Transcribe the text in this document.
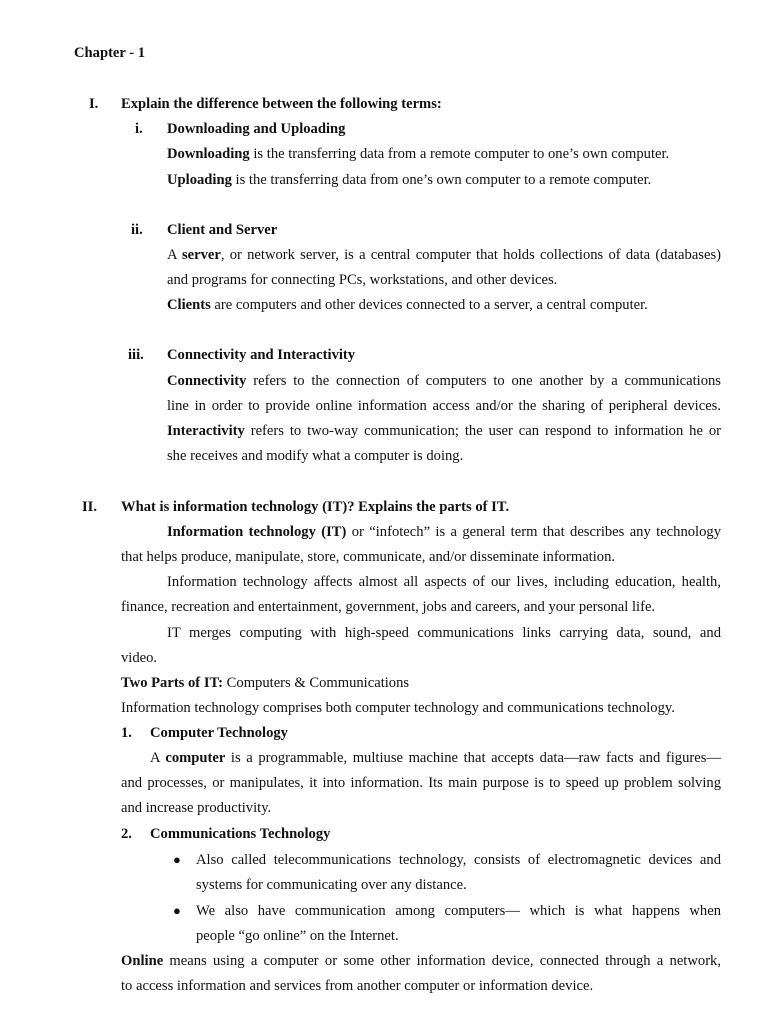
Chapter - 1
I. Explain the difference between the following terms:
i. Downloading and Uploading
Downloading is the transferring data from a remote computer to one’s own computer.
Uploading is the transferring data from one’s own computer to a remote computer.
ii. Client and Server
A server, or network server, is a central computer that holds collections of data (databases)
and programs for connecting PCs, workstations, and other devices.
Clients are computers and other devices connected to a server, a central computer.
iii. Connectivity and Interactivity
Connectivity refers to the connection of computers to one another by a communications
line in order to provide online information access and/or the sharing of peripheral devices.
Interactivity refers to two-way communication; the user can respond to information he or
she receives and modify what a computer is doing.
II. What is information technology (IT)? Explains the parts of IT.
Information technology (IT) or “infotech” is a general term that describes any technology
that helps produce, manipulate, store, communicate, and/or disseminate information.
Information technology affects almost all aspects of our lives, including education, health,
finance, recreation and entertainment, government, jobs and careers, and your personal life.
IT merges computing with high-speed communications links carrying data, sound, and
video.
Two Parts of IT: Computers & Communications
Information technology comprises both computer technology and communications technology.
1. Computer Technology
A computer is a programmable, multiuse machine that accepts data—raw facts and figures—
and processes, or manipulates, it into information. Its main purpose is to speed up problem solving
and increase productivity.
2. Communications Technology
● Also called telecommunications technology, consists of electromagnetic devices and
systems for communicating over any distance.
● We also have communication among computers— which is what happens when
people “go online” on the Internet.
Online means using a computer or some other information device, connected through a network,
to access information and services from another computer or information device.
